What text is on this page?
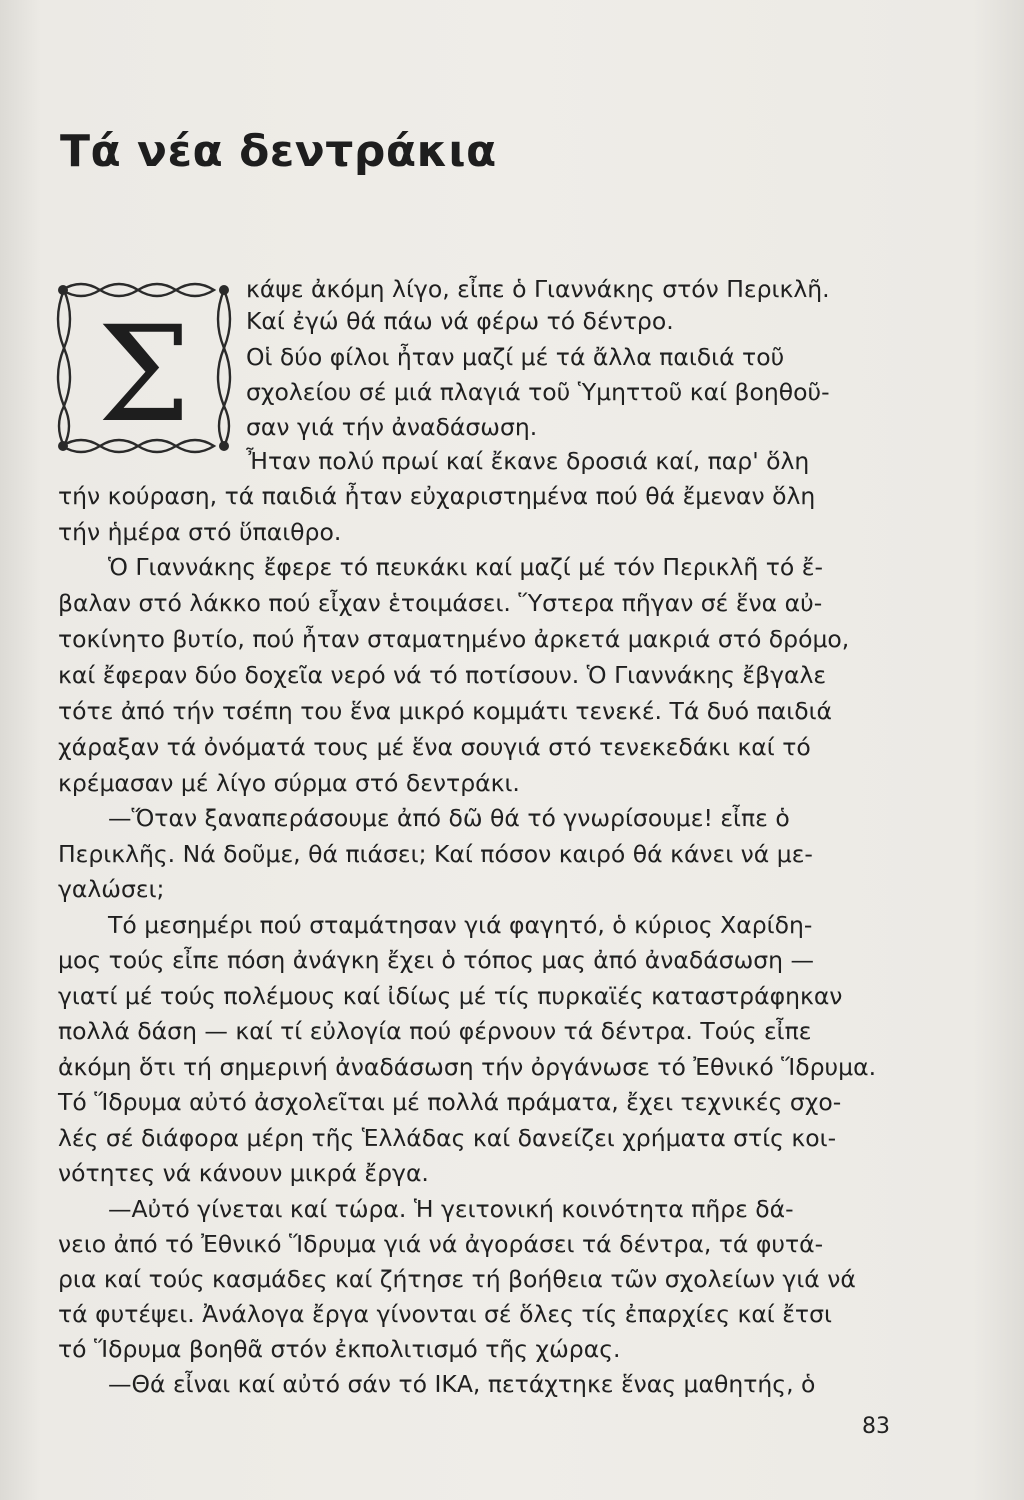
Τά νέα δεντράκια
Σ

κάψε ἀκόμη λίγο, εἶπε ὁ Γιαννάκης στόν Περικλῆ.

Καί ἐγώ θά πάω νά φέρω τό δέντρο.

Οἱ δύο φίλοι ἦταν μαζί μέ τά ἄλλα παιδιά τοῦ

σχολείου σέ μιά πλαγιά τοῦ Ὑμηττοῦ καί βοηθοῦ-

σαν γιά τήν ἀναδάσωση.

Ἦταν πολύ πρωί καί ἔκανε δροσιά καί, παρ' ὅλη

τήν κούραση, τά παιδιά ἦταν εὐχαριστημένα πού θά ἔμεναν ὅλη

τήν ἡμέρα στό ὕπαιθρο.

Ὁ Γιαννάκης ἔφερε τό πευκάκι καί μαζί μέ τόν Περικλῆ τό ἔ-

βαλαν στό λάκκο πού εἶχαν ἑτοιμάσει. Ὕστερα πῆγαν σέ ἕνα αὐ-

τοκίνητο βυτίο, πού ἦταν σταματημένο ἀρκετά μακριά στό δρόμο,

καί ἔφεραν δύο δοχεῖα νερό νά τό ποτίσουν. Ὁ Γιαννάκης ἔβγαλε

τότε ἀπό τήν τσέπη του ἕνα μικρό κομμάτι τενεκέ. Τά δυό παιδιά

χάραξαν τά ὀνόματά τους μέ ἕνα σουγιά στό τενεκεδάκι καί τό

κρέμασαν μέ λίγο σύρμα στό δεντράκι.

—Ὅταν ξαναπεράσουμε ἀπό δῶ θά τό γνωρίσουμε! εἶπε ὁ

Περικλῆς. Νά δοῦμε, θά πιάσει; Καί πόσον καιρό θά κάνει νά με-

γαλώσει;

Τό μεσημέρι πού σταμάτησαν γιά φαγητό, ὁ κύριος Χαρίδη-

μος τούς εἶπε πόση ἀνάγκη ἔχει ὁ τόπος μας ἀπό ἀναδάσωση —

γιατί μέ τούς πολέμους καί ἰδίως μέ τίς πυρκαϊές καταστράφηκαν

πολλά δάση — καί τί εὐλογία πού φέρνουν τά δέντρα. Τούς εἶπε

ἀκόμη ὅτι τή σημερινή ἀναδάσωση τήν ὀργάνωσε τό Ἐθνικό Ἵδρυμα.

Τό Ἵδρυμα αὐτό ἀσχολεῖται μέ πολλά πράματα, ἔχει τεχνικές σχο-

λές σέ διάφορα μέρη τῆς Ἑλλάδας καί δανείζει χρήματα στίς κοι-

νότητες νά κάνουν μικρά ἔργα.

—Αὐτό γίνεται καί τώρα. Ἡ γειτονική κοινότητα πῆρε δά-

νειο ἀπό τό Ἐθνικό Ἵδρυμα γιά νά ἀγοράσει τά δέντρα, τά φυτά-

ρια καί τούς κασμάδες καί ζήτησε τή βοήθεια τῶν σχολείων γιά νά

τά φυτέψει. Ἀνάλογα ἔργα γίνονται σέ ὅλες τίς ἐπαρχίες καί ἔτσι

τό Ἵδρυμα βοηθᾶ στόν ἐκπολιτισμό τῆς χώρας.

—Θά εἶναι καί αὐτό σάν τό ΙΚΑ, πετάχτηκε ἕνας μαθητής, ὁ

83
